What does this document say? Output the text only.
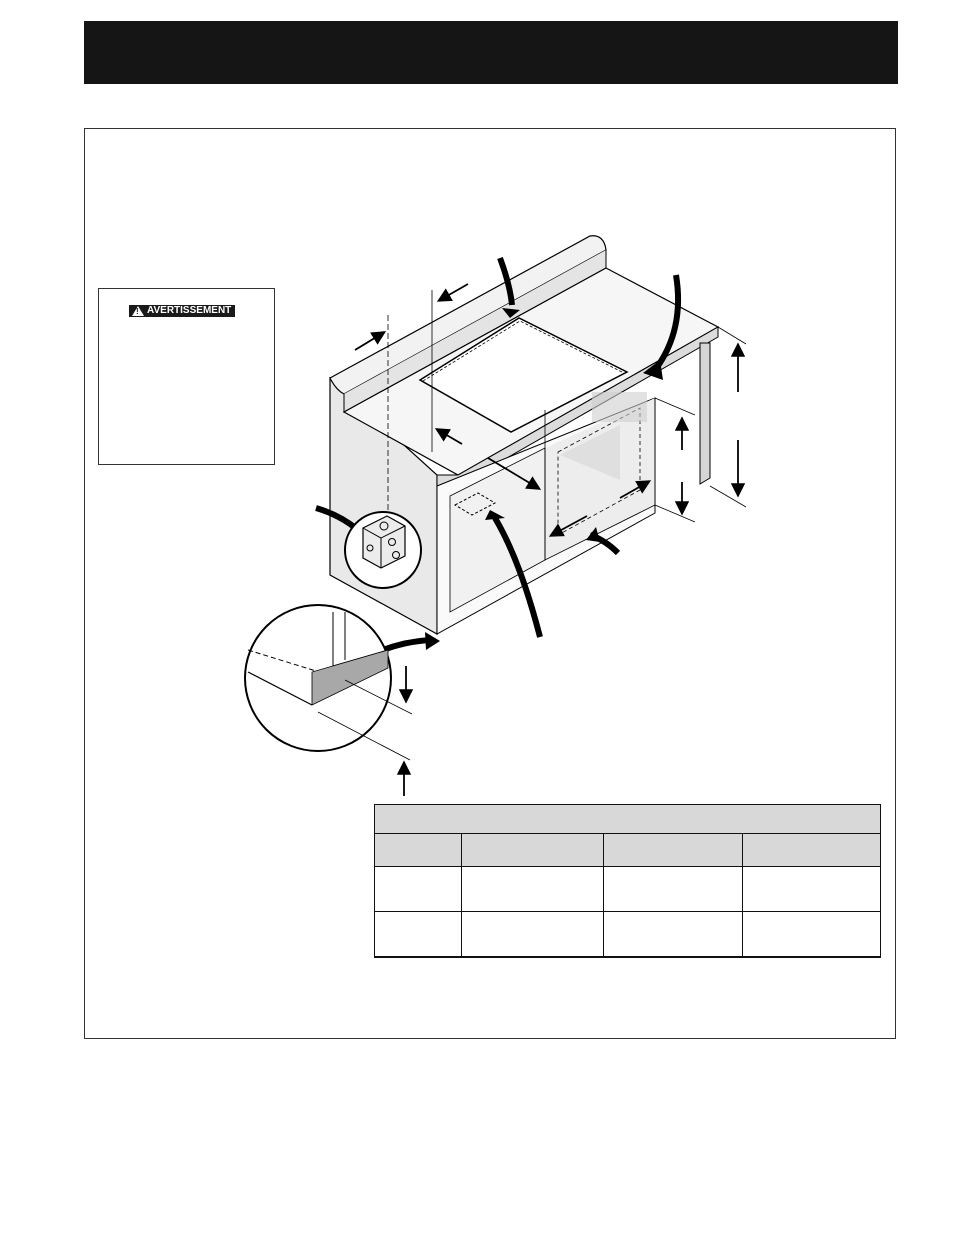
! AVERTISSEMENT
